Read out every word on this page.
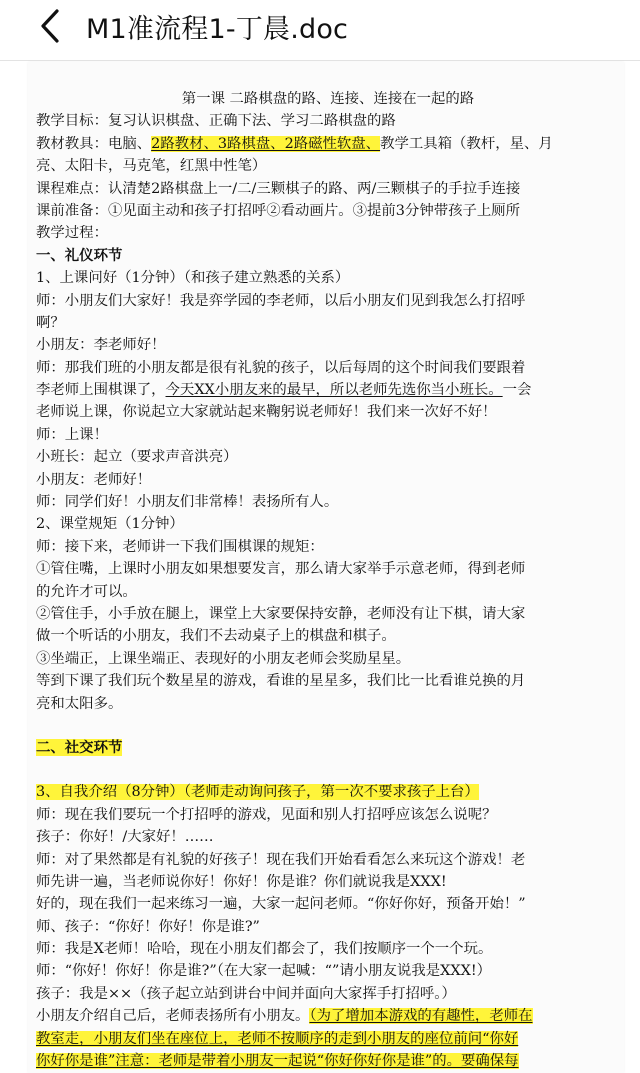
M1准流程1-丁晨.doc
第一课 二路棋盘的路、连接、连接在一起的路
教学目标：复习认识棋盘、正确下法、学习二路棋盘的路
教材教具：电脑、2路教材、3路棋盘、2路磁性软盘、教学工具箱（教杆，星、月
亮、太阳卡，马克笔，红黑中性笔）
课程难点：认清楚2路棋盘上一/二/三颗棋子的路、两/三颗棋子的手拉手连接
课前准备：①见面主动和孩子打招呼②看动画片。③提前3分钟带孩子上厕所
教学过程：
一、礼仪环节
1、上课问好（1分钟）（和孩子建立熟悉的关系）
师：小朋友们大家好！我是弈学园的李老师，以后小朋友们见到我怎么打招呼
啊？
小朋友：李老师好！
师：那我们班的小朋友都是很有礼貌的孩子，以后每周的这个时间我们要跟着
李老师上围棋课了，今天XX小朋友来的最早，所以老师先选你当小班长。一会
老师说上课，你说起立大家就站起来鞠躬说老师好！我们来一次好不好！
师：上课！
小班长：起立（要求声音洪亮）
小朋友：老师好！
师：同学们好！小朋友们非常棒！表扬所有人。
2、课堂规矩（1分钟）
师：接下来，老师讲一下我们围棋课的规矩：
①管住嘴，上课时小朋友如果想要发言，那么请大家举手示意老师，得到老师
的允许才可以。
②管住手，小手放在腿上，课堂上大家要保持安静，老师没有让下棋，请大家
做一个听话的小朋友，我们不去动桌子上的棋盘和棋子。
③坐端正，上课坐端正、表现好的小朋友老师会奖励星星。
等到下课了我们玩个数星星的游戏，看谁的星星多，我们比一比看谁兑换的月
亮和太阳多。
二、社交环节
3、自我介绍（8分钟）（老师走动询问孩子，第一次不要求孩子上台）
师：现在我们要玩一个打招呼的游戏，见面和别人打招呼应该怎么说呢？
孩子：你好！/大家好！……
师：对了果然都是有礼貌的好孩子！现在我们开始看看怎么来玩这个游戏！老
师先讲一遍，当老师说你好！你好！你是谁？你们就说我是XXX!
好的，现在我们一起来练习一遍，大家一起问老师。“你好你好，预备开始！”
师、孩子：“你好！你好！你是谁?”
师：我是X老师！哈哈，现在小朋友们都会了，我们按顺序一个一个玩。
师：“你好！你好！你是谁?”（在大家一起喊：“”请小朋友说我是XXX!）
孩子：我是××（孩子起立站到讲台中间并面向大家挥手打招呼。）
小朋友介绍自己后，老师表扬所有小朋友。（为了增加本游戏的有趣性，老师在
教室走，小朋友们坐在座位上，老师不按顺序的走到小朋友的座位前问“你好
你好你是谁”注意：老师是带着小朋友一起说“你好你好你是谁”的。要确保每
